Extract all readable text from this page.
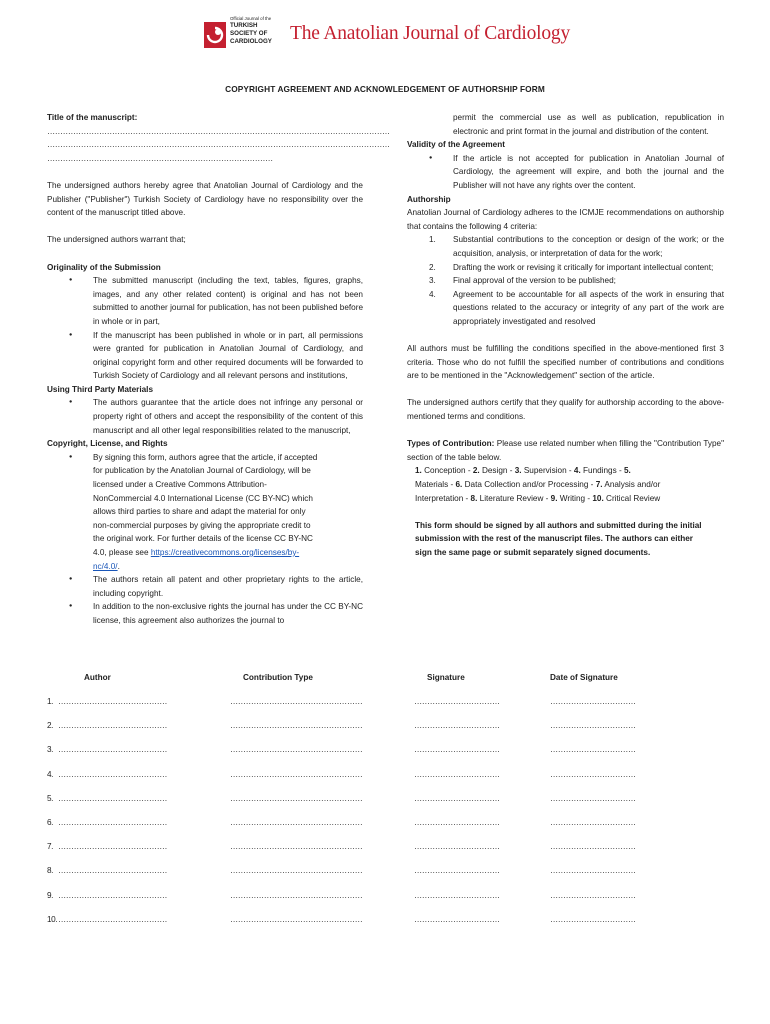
Official Journal of the
TURKISH
SOCIETY OF
CARDIOLOGY The Anatolian Journal of Cardiology
COPYRIGHT AGREEMENT AND ACKNOWLEDGEMENT OF AUTHORSHIP FORM
Title of the manuscript:
……………………………………………………………………………………………………………………
……………………………………………………………………………………………………………………
……………………………………………………………………………
The undersigned authors hereby agree that Anatolian Journal of Cardiology and the Publisher ("Publisher") Turkish Society of Cardiology have no responsibility over the content of the manuscript titled above.
The undersigned authors warrant that;
Originality of the Submission
● The submitted manuscript (including the text, tables, figures, graphs, images, and any other related content) is original and has not been submitted to another journal for publication, has not been published before in whole or in part,
● If the manuscript has been published in whole or in part, all permissions were granted for publication in Anatolian Journal of Cardiology, and original copyright form and other required documents will be forwarded to Turkish Society of Cardiology and all relevant persons and institutions,
Using Third Party Materials
● The authors guarantee that the article does not infringe any personal or property right of others and accept the responsibility of the content of this manuscript and all other legal responsibilities related to the manuscript,
Copyright, License, and Rights
● By signing this form, authors agree that the article, if accepted
for publication by the Anatolian Journal of Cardiology, will be
licensed under a Creative Commons Attribution-
NonCommercial 4.0 International License (CC BY-NC) which
allows third parties to share and adapt the material for only
non-commercial purposes by giving the appropriate credit to
the original work. For further details of the license CC BY-NC
4.0, please see https://creativecommons.org/licenses/by-
nc/4.0/.
● The authors retain all patent and other proprietary rights to the article, including copyright.
● In addition to the non-exclusive rights the journal has under the CC BY-NC license, this agreement also authorizes the journal to
permit the commercial use as well as publication, republication in electronic and print format in the journal and distribution of the content.
Validity of the Agreement
● If the article is not accepted for publication in Anatolian Journal of Cardiology, the agreement will expire, and both the journal and the Publisher will not have any rights over the content.
Authorship
Anatolian Journal of Cardiology adheres to the ICMJE recommendations on authorship that contains the following 4 criteria:
1. Substantial contributions to the conception or design of the work; or the acquisition, analysis, or interpretation of data for the work;
2. Drafting the work or revising it critically for important intellectual content;
3. Final approval of the version to be published;
4. Agreement to be accountable for all aspects of the work in ensuring that questions related to the accuracy or integrity of any part of the work are appropriately investigated and resolved
All authors must be fulfilling the conditions specified in the above-mentioned first 3 criteria. Those who do not fulfill the specified number of contributions and conditions are to be mentioned in the "Acknowledgement" section of the article.
The undersigned authors certify that they qualify for authorship according to the above-mentioned terms and conditions.
Types of Contribution: Please use related number when filling the "Contribution Type" section of the table below.
1. Conception - 2. Design - 3. Supervision - 4. Fundings - 5. Materials - 6. Data Collection and/or Processing - 7. Analysis and/or Interpretation - 8. Literature Review - 9. Writing - 10. Critical Review
This form should be signed by all authors and submitted during the initial submission with the rest of the manuscript files. The authors can either sign the same page or submit separately signed documents.
Author	Contribution Type	Signature	Date of Signature
1. ……………………………………	……………………………………………	……………………………	……………………………
2. ……………………………………	……………………………………………	……………………………	……………………………
3. ……………………………………	……………………………………………	……………………………	……………………………
4. ……………………………………	……………………………………………	……………………………	……………………………
5. ……………………………………	……………………………………………	……………………………	……………………………
6. ……………………………………	……………………………………………	……………………………	……………………………
7. ……………………………………	……………………………………………	……………………………	……………………………
8. ……………………………………	……………………………………………	……………………………	……………………………
9. ……………………………………	……………………………………………	……………………………	……………………………
10. ……………………………………	……………………………………………	……………………………	……………………………
